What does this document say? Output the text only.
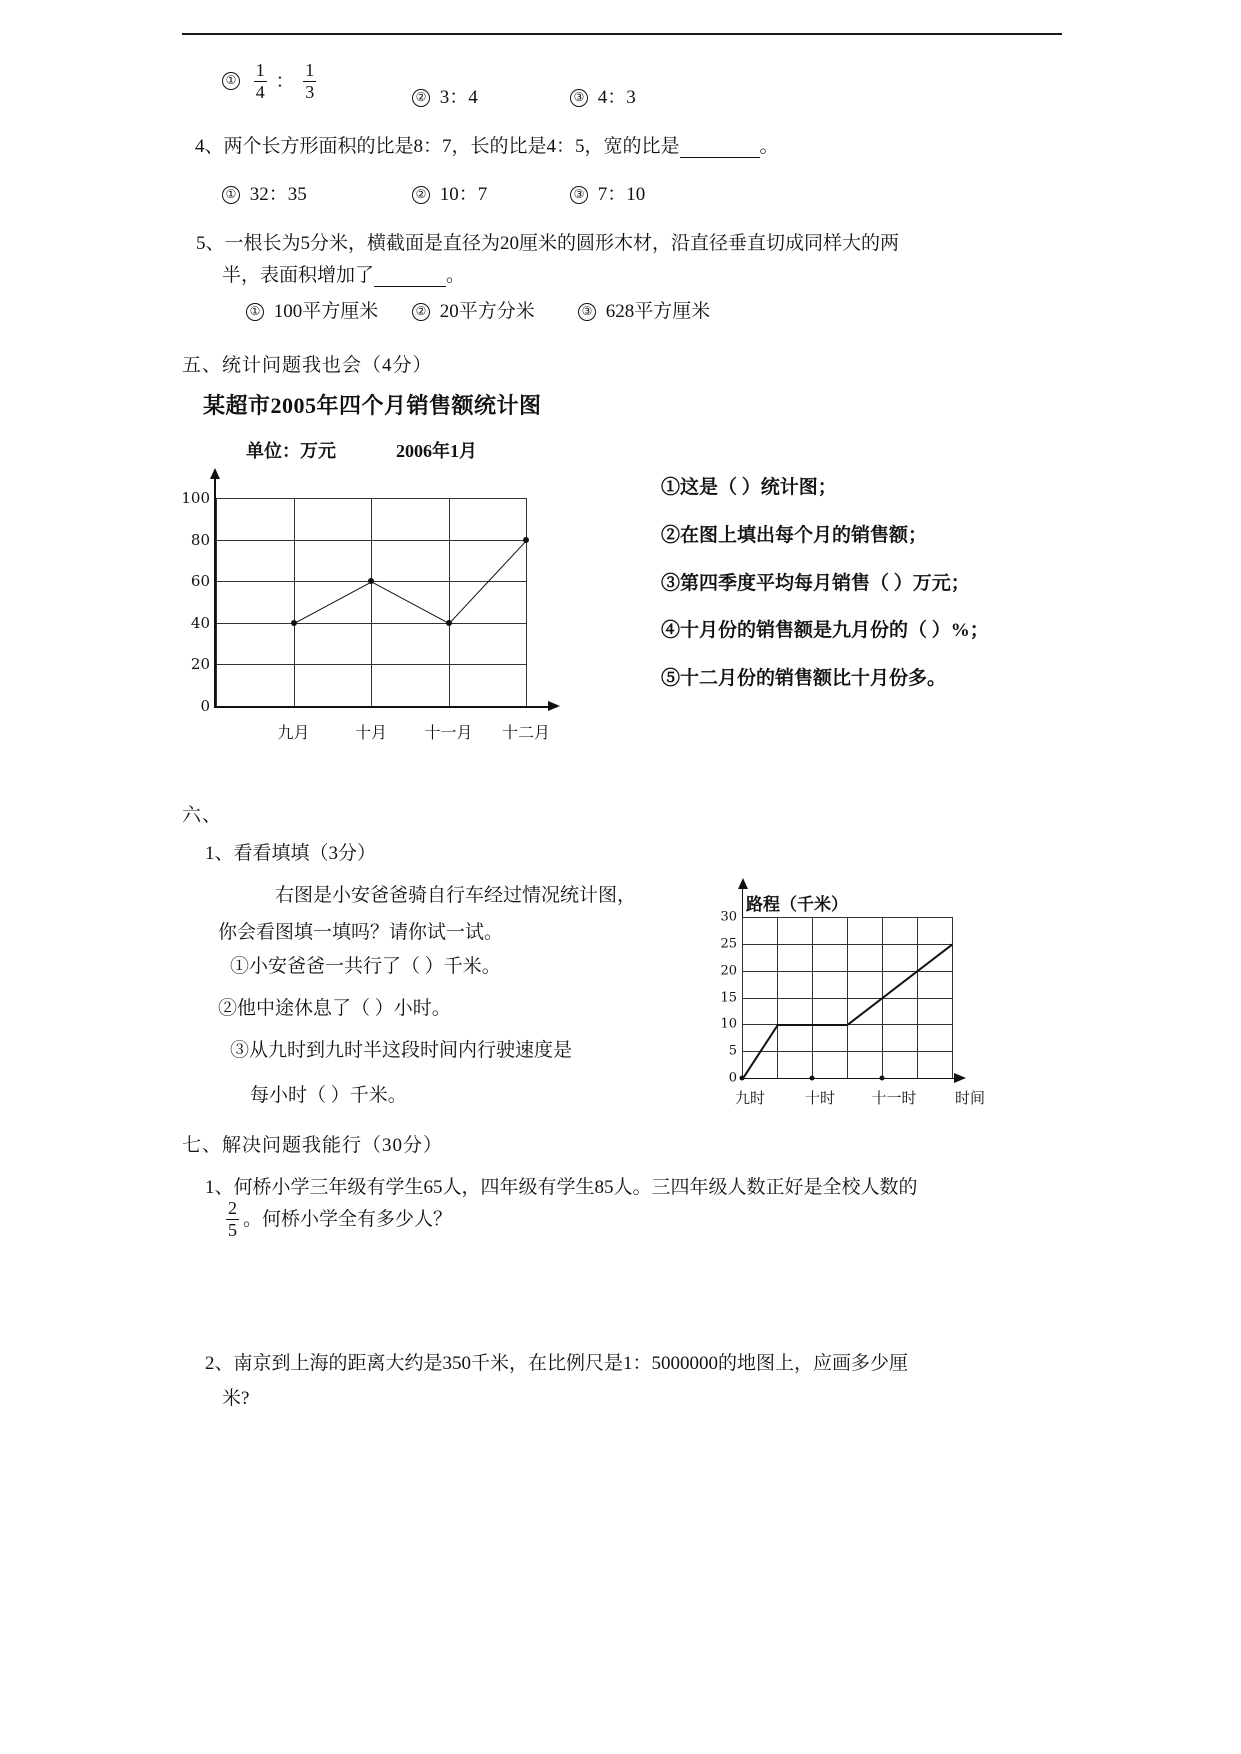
① $\frac{1}{4}$ ： $\frac{1}{3}$	② 3：4	③ 4：3
4、两个长方形面积的比是8：7，长的比是4：5，宽的比是	。
① 32：35	② 10：7	③ 7：10
5、一根长为5分米，横截面是直径为20厘米的圆形木材，沿直径垂直切成同样大的两
半，表面积增加了	。
① 100平方厘米	② 20平方分米	③ 628平方厘米
五、统计问题我也会（4分）
某超市2005年四个月销售额统计图
单位：万元	2006年1月
100
80
60
40
20
0
九月	十月 十一月 十二月
①这是（ ）统计图；
②在图上填出每个月的销售额；
③第四季度平均每月销售（ ）万元；
④十月份的销售额是九月份的（ ）%；
⑤十二月份的销售额比十月份多。
六、
1、看看填填（3分）
右图是小安爸爸骑自行车经过情况统计图，
你会看图填一填吗？请你试一试。
①小安爸爸一共行了（ ）千米。
②他中途休息了（ ）小时。
③从九时到九时半这段时间内行驶速度是
每小时（ ）千米。
路程（千米）
30
25
20
15
10
5
0
九时	十时 十一时	时间
七、解决问题我能行（30分）
1、何桥小学三年级有学生65人，四年级有学生85人。三四年级人数正好是全校人数的
$\frac{2}{5}$ 。何桥小学全有多少人？
2、南京到上海的距离大约是350千米，在比例尺是1：5000000的地图上，应画多少厘
米?
